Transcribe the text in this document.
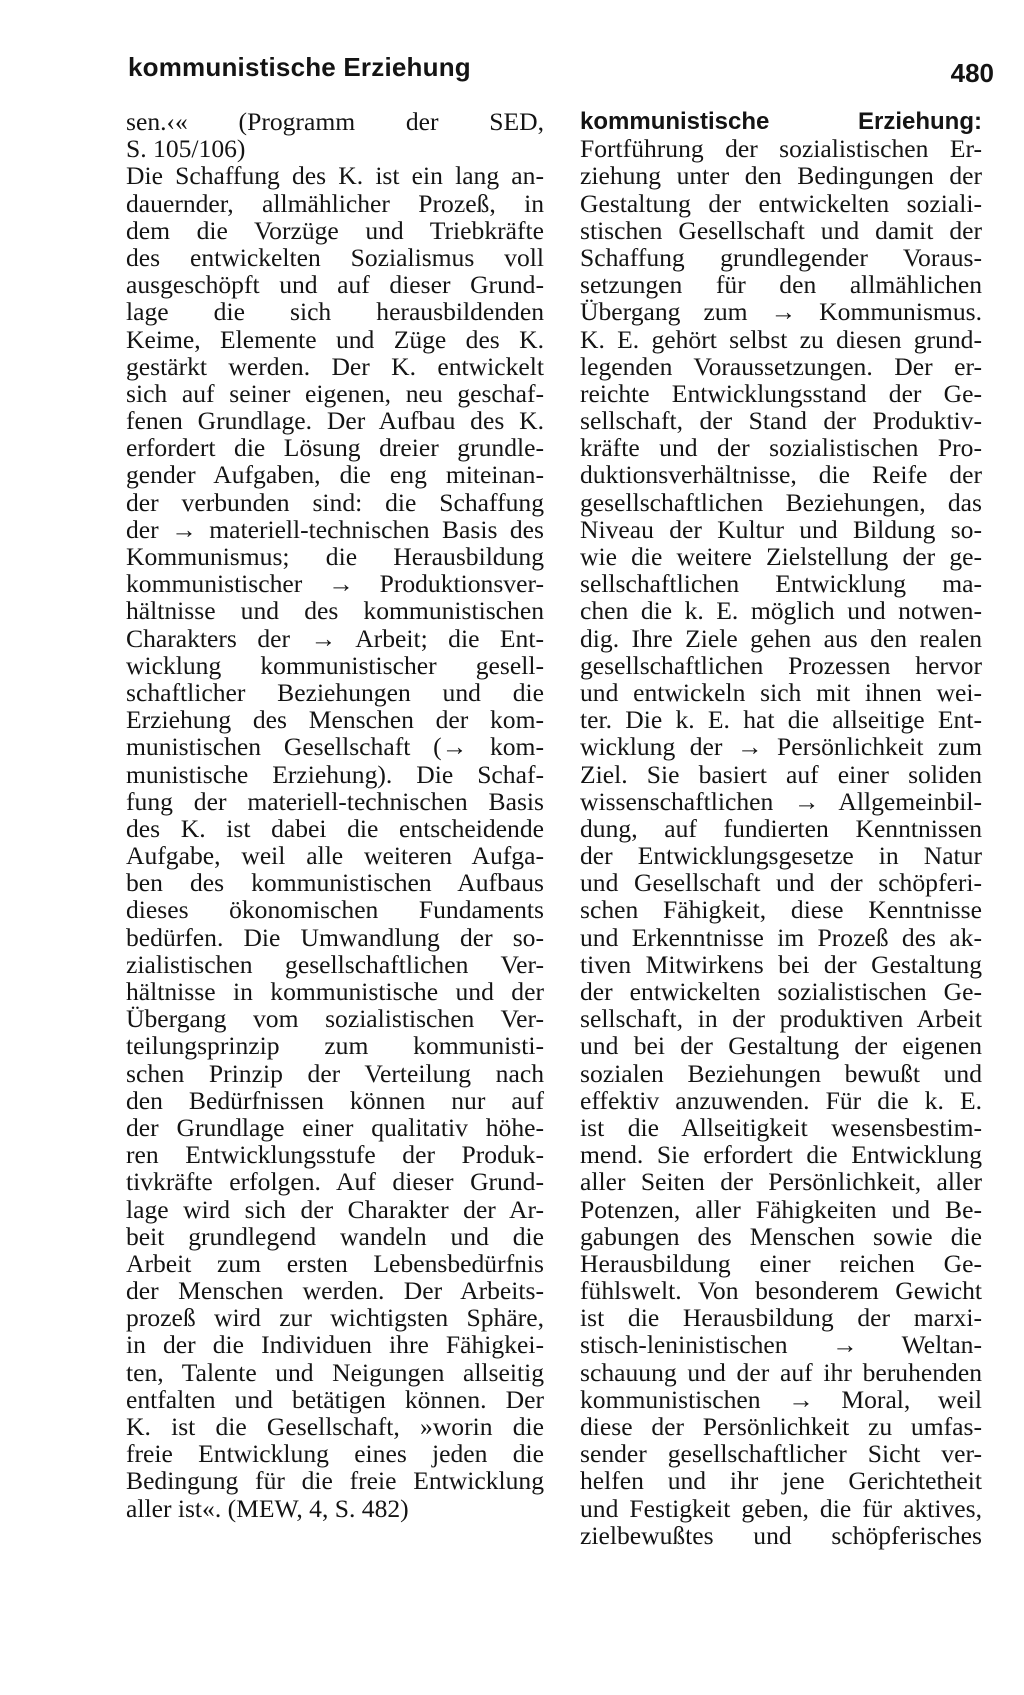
kommunistische Erziehung	480
sen.‹« (Programm der SED,
S. 105/106)
Die Schaffung des K. ist ein lang an-
dauernder, allmählicher Prozeß, in
dem die Vorzüge und Triebkräfte
des entwickelten Sozialismus voll
ausgeschöpft und auf dieser Grund-
lage die sich herausbildenden
Keime, Elemente und Züge des K.
gestärkt werden. Der K. entwickelt
sich auf seiner eigenen, neu geschaf-
fenen Grundlage. Der Aufbau des K.
erfordert die Lösung dreier grundle-
gender Aufgaben, die eng miteinan-
der verbunden sind: die Schaffung
der → materiell-technischen Basis des
Kommunismus; die Herausbildung
kommunistischer → Produktionsver-
hältnisse und des kommunistischen
Charakters der → Arbeit; die Ent-
wicklung kommunistischer gesell-
schaftlicher Beziehungen und die
Erziehung des Menschen der kom-
munistischen Gesellschaft (→ kom-
munistische Erziehung). Die Schaf-
fung der materiell-technischen Basis
des K. ist dabei die entscheidende
Aufgabe, weil alle weiteren Aufga-
ben des kommunistischen Aufbaus
dieses ökonomischen Fundaments
bedürfen. Die Umwandlung der so-
zialistischen gesellschaftlichen Ver-
hältnisse in kommunistische und der
Übergang vom sozialistischen Ver-
teilungsprinzip zum kommunisti-
schen Prinzip der Verteilung nach
den Bedürfnissen können nur auf
der Grundlage einer qualitativ höhe-
ren Entwicklungsstufe der Produk-
tivkräfte erfolgen. Auf dieser Grund-
lage wird sich der Charakter der Ar-
beit grundlegend wandeln und die
Arbeit zum ersten Lebensbedürfnis
der Menschen werden. Der Arbeits-
prozeß wird zur wichtigsten Sphäre,
in der die Individuen ihre Fähigkei-
ten, Talente und Neigungen allseitig
entfalten und betätigen können. Der
K. ist die Gesellschaft, »worin die
freie Entwicklung eines jeden die
Bedingung für die freie Entwicklung
aller ist«. (MEW, 4, S. 482)
kommunistische Erziehung:
Fortführung der sozialistischen Er-
ziehung unter den Bedingungen der
Gestaltung der entwickelten soziali-
stischen Gesellschaft und damit der
Schaffung grundlegender Voraus-
setzungen für den allmählichen
Übergang zum → Kommunismus.
K. E. gehört selbst zu diesen grund-
legenden Voraussetzungen. Der er-
reichte Entwicklungsstand der Ge-
sellschaft, der Stand der Produktiv-
kräfte und der sozialistischen Pro-
duktionsverhältnisse, die Reife der
gesellschaftlichen Beziehungen, das
Niveau der Kultur und Bildung so-
wie die weitere Zielstellung der ge-
sellschaftlichen Entwicklung ma-
chen die k. E. möglich und notwen-
dig. Ihre Ziele gehen aus den realen
gesellschaftlichen Prozessen hervor
und entwickeln sich mit ihnen wei-
ter. Die k. E. hat die allseitige Ent-
wicklung der → Persönlichkeit zum
Ziel. Sie basiert auf einer soliden
wissenschaftlichen → Allgemeinbil-
dung, auf fundierten Kenntnissen
der Entwicklungsgesetze in Natur
und Gesellschaft und der schöpferi-
schen Fähigkeit, diese Kenntnisse
und Erkenntnisse im Prozeß des ak-
tiven Mitwirkens bei der Gestaltung
der entwickelten sozialistischen Ge-
sellschaft, in der produktiven Arbeit
und bei der Gestaltung der eigenen
sozialen Beziehungen bewußt und
effektiv anzuwenden. Für die k. E.
ist die Allseitigkeit wesensbestim-
mend. Sie erfordert die Entwicklung
aller Seiten der Persönlichkeit, aller
Potenzen, aller Fähigkeiten und Be-
gabungen des Menschen sowie die
Herausbildung einer reichen Ge-
fühlswelt. Von besonderem Gewicht
ist die Herausbildung der marxi-
stisch-leninistischen → Weltan-
schauung und der auf ihr beruhenden
kommunistischen → Moral, weil
diese der Persönlichkeit zu umfas-
sender gesellschaftlicher Sicht ver-
helfen und ihr jene Gerichtetheit
und Festigkeit geben, die für aktives,
zielbewußtes und schöpferisches
